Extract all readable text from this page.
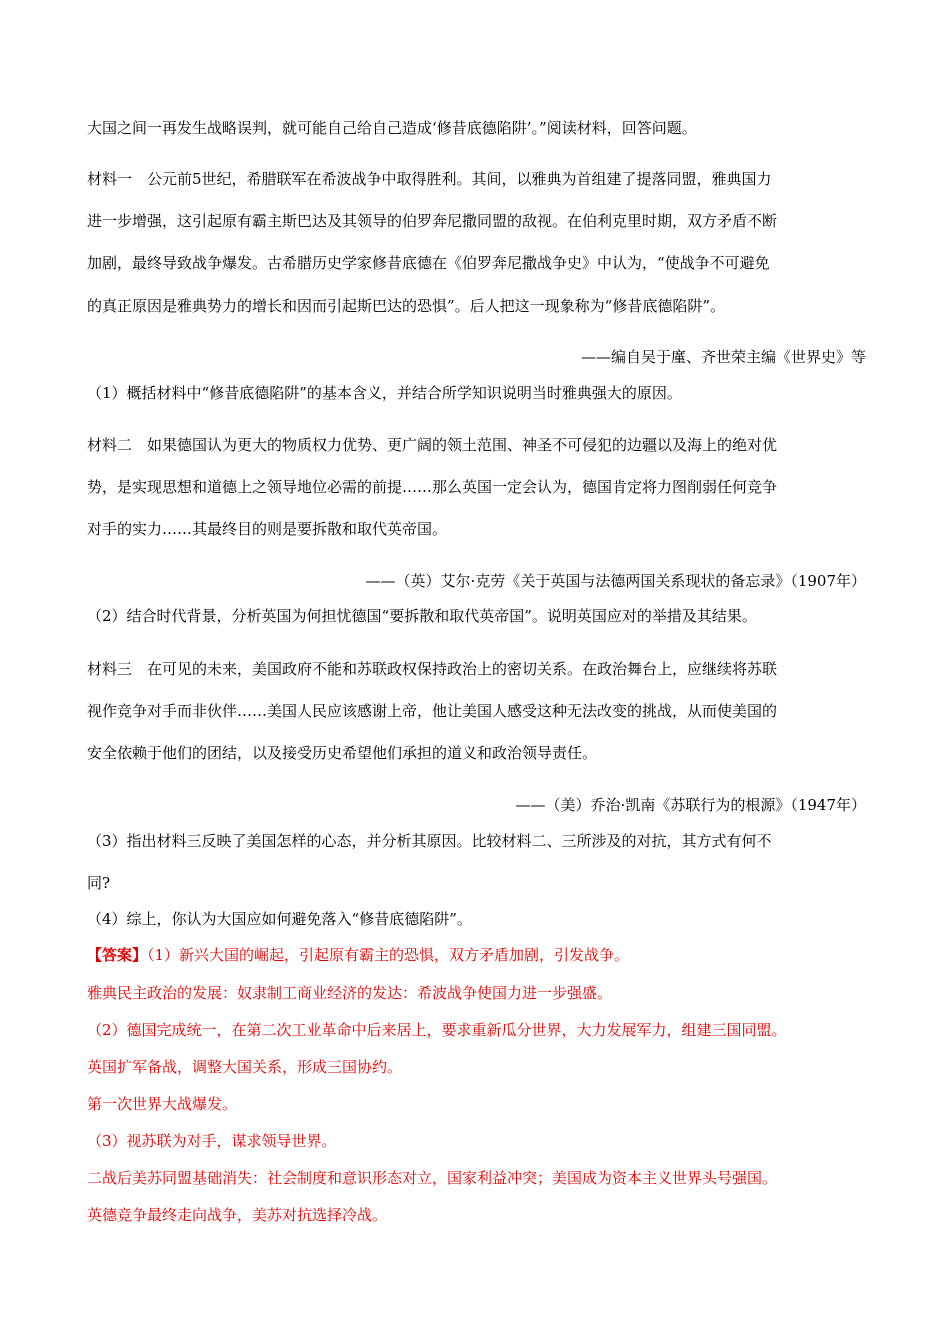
大国之间一再发生战略误判，就可能自己给自己造成‘修昔底德陷阱’。”阅读材料，回答问题。
材料一　公元前5世纪，希腊联军在希波战争中取得胜利。其间，以雅典为首组建了提落同盟，雅典国力
进一步增强，这引起原有霸主斯巴达及其领导的伯罗奔尼撒同盟的敌视。在伯利克里时期，双方矛盾不断
加剧，最终导致战争爆发。古希腊历史学家修昔底德在《伯罗奔尼撒战争史》中认为，“使战争不可避免
的真正原因是雅典势力的增长和因而引起斯巴达的恐惧”。后人把这一现象称为“修昔底德陷阱”。
——编自吴于廑、齐世荣主编《世界史》等
（1）概括材料中“修昔底德陷阱”的基本含义，并结合所学知识说明当时雅典强大的原因。
材料二　如果德国认为更大的物质权力优势、更广阔的领土范围、神圣不可侵犯的边疆以及海上的绝对优
势，是实现思想和道德上之领导地位必需的前提……那么英国一定会认为，德国肯定将力图削弱任何竞争
对手的实力……其最终目的则是要拆散和取代英帝国。
——（英）艾尔·克劳《关于英国与法德两国关系现状的备忘录》（1907年）
（2）结合时代背景，分析英国为何担忧德国“要拆散和取代英帝国”。说明英国应对的举措及其结果。
材料三　在可见的未来，美国政府不能和苏联政权保持政治上的密切关系。在政治舞台上，应继续将苏联
视作竞争对手而非伙伴……美国人民应该感谢上帝，他让美国人感受这种无法改变的挑战，从而使美国的
安全依赖于他们的团结，以及接受历史希望他们承担的道义和政治领导责任。
——（美）乔治·凯南《苏联行为的根源》（1947年）
（3）指出材料三反映了美国怎样的心态，并分析其原因。比较材料二、三所涉及的对抗，其方式有何不
同?
（4）综上，你认为大国应如何避免落入“修昔底德陷阱”。
【答案】（1）新兴大国的崛起，引起原有霸主的恐惧，双方矛盾加剧，引发战争。
雅典民主政治的发展：奴隶制工商业经济的发达：希波战争使国力进一步强盛。
（2）德国完成统一，在第二次工业革命中后来居上，要求重新瓜分世界，大力发展军力，组建三国同盟。
英国扩军备战，调整大国关系，形成三国协约。
第一次世界大战爆发。
（3）视苏联为对手，谋求领导世界。
二战后美苏同盟基础消失：社会制度和意识形态对立，国家利益冲突；美国成为资本主义世界头号强国。
英德竞争最终走向战争，美苏对抗选择冷战。
